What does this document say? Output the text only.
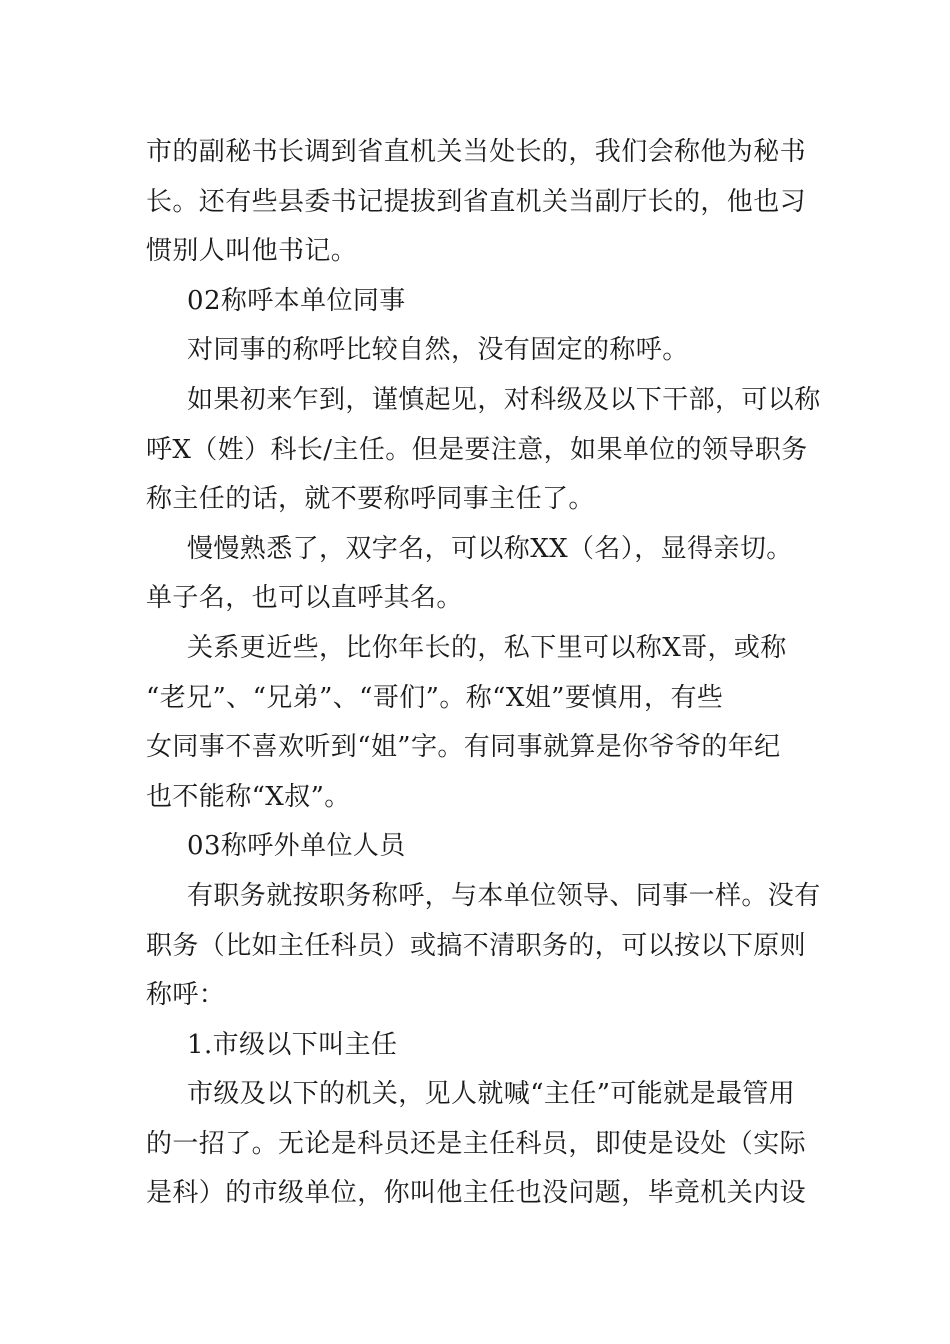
市的副秘书长调到省直机关当处长的，我们会称他为秘书
长。还有些县委书记提拔到省直机关当副厅长的，他也习
惯别人叫他书记。
02称呼本单位同事
对同事的称呼比较自然，没有固定的称呼。
如果初来乍到，谨慎起见，对科级及以下干部，可以称
呼X（姓）科长/主任。但是要注意，如果单位的领导职务
称主任的话，就不要称呼同事主任了。
慢慢熟悉了，双字名，可以称XX（名），显得亲切。
单子名，也可以直呼其名。
关系更近些，比你年长的，私下里可以称X哥，或称
“老兄”、“兄弟”、“哥们”。称“X姐”要慎用，有些
女同事不喜欢听到“姐”字。有同事就算是你爷爷的年纪
也不能称“X叔”。
03称呼外单位人员
有职务就按职务称呼，与本单位领导、同事一样。没有
职务（比如主任科员）或搞不清职务的，可以按以下原则
称呼：
1.市级以下叫主任
市级及以下的机关，见人就喊“主任”可能就是最管用
的一招了。无论是科员还是主任科员，即使是设处（实际
是科）的市级单位，你叫他主任也没问题，毕竟机关内设
